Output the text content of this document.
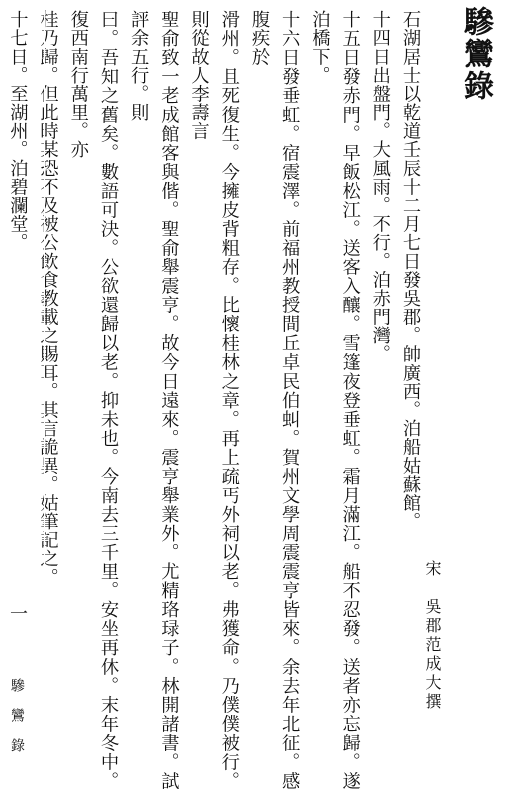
驂鸞錄
宋　吳郡范成大撰

石湖居士以乾道壬辰十二月七日發吳郡。帥廣西。泊船姑蘇館。

十四日出盤門。大風雨。不行。泊赤門灣。

十五日發赤門。早飯松江。送客入釀。雪篷夜登垂虹。霜月滿江。船不忍發。送者亦忘歸。遂泊橋下。

十六日發垂虹。宿震澤。前福州教授間丘卓民伯虯。賀州文學周震震亨皆來。余去年北征。感腹疾於

滑州。且死復生。今擁皮背粗存。比懷桂林之章。再上疏丐外祠以老。弗獲命。乃僕僕被行。則從故人李壽言

聖俞致一老成館客與偕。聖俞舉震亨。故今日遠來。震亨舉業外。尤精珞琭子。林開諸書。試評余五行。則

曰。吾知之舊矣。數語可決。公欲還歸以老。抑未也。今南去三千里。安坐再休。末年冬中。復西南行萬里。亦

桂乃歸。但此時某恐不及被公飲食教載之賜耳。其言詭異。姑筆記之。

十七日。至湖州。泊碧瀾堂。

一
驂鸞錄
